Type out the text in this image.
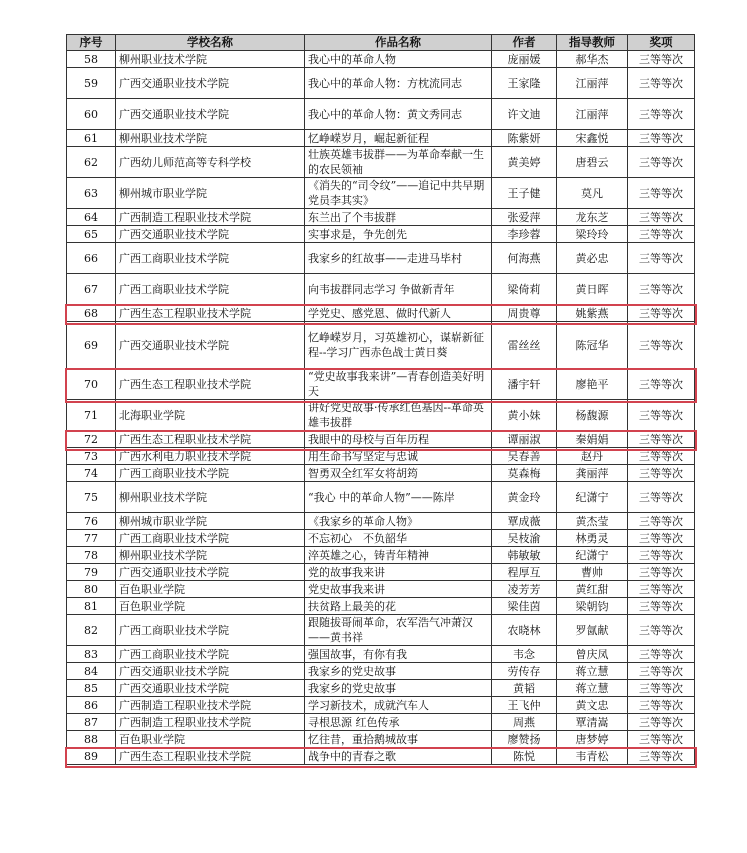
序号	学校名称	作品名称	作者	指导教师	奖项
58	柳州职业技术学院	我心中的革命人物	庞丽媛	郝华杰	三等等次
59	广西交通职业技术学院	我心中的革命人物：方枕流同志	王家隆	江丽萍	三等等次
60	广西交通职业技术学院	我心中的革命人物：黄文秀同志	许文迪	江丽萍	三等等次
61	柳州职业技术学院	忆峥嵘岁月，崛起新征程	陈紫妍	宋鑫悦	三等等次
62	广西幼儿师范高等专科学校	壮族英雄韦拔群——为革命奉献一生的农民领袖	黄美婷	唐碧云	三等等次
63	柳州城市职业学院	《消失的“司令纹”——追记中共早期党员李其实》	王子健	莫凡	三等等次
64	广西制造工程职业技术学院	东兰出了个韦拔群	张爱萍	龙东芝	三等等次
65	广西交通职业技术学院	实事求是，争先创先	李珍蓉	梁玲玲	三等等次
66	广西工商职业技术学院	我家乡的红故事——走进马毕村	何海燕	黄必忠	三等等次
67	广西工商职业技术学院	向韦拔群同志学习 争做新青年	梁倚莉	黄日晖	三等等次
68	广西生态工程职业技术学院	学党史、感党恩、做时代新人	周贵尊	姚紫燕	三等等次
69	广西交通职业技术学院	忆峥嵘岁月，习英雄初心，谋崭新征程--学习广西赤色战士黄日葵	雷丝丝	陈冠华	三等等次
70	广西生态工程职业技术学院	“党史故事我来讲”—青春创造美好明天	潘宇轩	廖艳平	三等等次
71	北海职业学院	讲好党史故事·传承红色基因--革命英雄韦拔群	黄小妹	杨馥源	三等等次
72	广西生态工程职业技术学院	我眼中的母校与百年历程	谭丽淑	秦娟娟	三等等次
73	广西水利电力职业技术学院	用生命书写坚定与忠诚	吴春善	赵丹	三等等次
74	广西工商职业技术学院	智勇双全红军女将胡筠	莫森梅	龚丽萍	三等等次
75	柳州职业技术学院	“我心 中的革命人物”——陈岸	黄金玲	纪潇宁	三等等次
76	柳州城市职业学院	《我家乡的革命人物》	覃成薇	黄杰莹	三等等次
77	广西工商职业技术学院	不忘初心　不负韶华	吴枝渝	林勇灵	三等等次
78	柳州职业技术学院	淬英雄之心，铸青年精神	韩敏敏	纪潇宁	三等等次
79	广西交通职业技术学院	党的故事我来讲	程厚互	曹帅	三等等次
80	百色职业学院	党史故事我来讲	凌芳芳	黄红甜	三等等次
81	百色职业学院	扶贫路上最美的花	梁佳茵	梁朝钧	三等等次
82	广西工商职业技术学院	跟随拔哥闹革命，农军浩气冲萧汉——黄书祥	农晓林	罗氤献	三等等次
83	广西工商职业技术学院	强国故事，有你有我	韦念	曾庆凤	三等等次
84	广西交通职业技术学院	我家乡的党史故事	劳传存	蒋立慧	三等等次
85	广西交通职业技术学院	我家乡的党史故事	黄韬	蒋立慧	三等等次
86	广西制造工程职业技术学院	学习新技术，成就汽车人	王飞仲	黄文忠	三等等次
87	广西制造工程职业技术学院	寻根思源 红色传承	周燕	覃清嵩	三等等次
88	百色职业学院	忆往昔，重拾鹅城故事	廖赞扬	唐梦婷	三等等次
89	广西生态工程职业技术学院	战争中的青春之歌	陈悦	韦青松	三等等次
